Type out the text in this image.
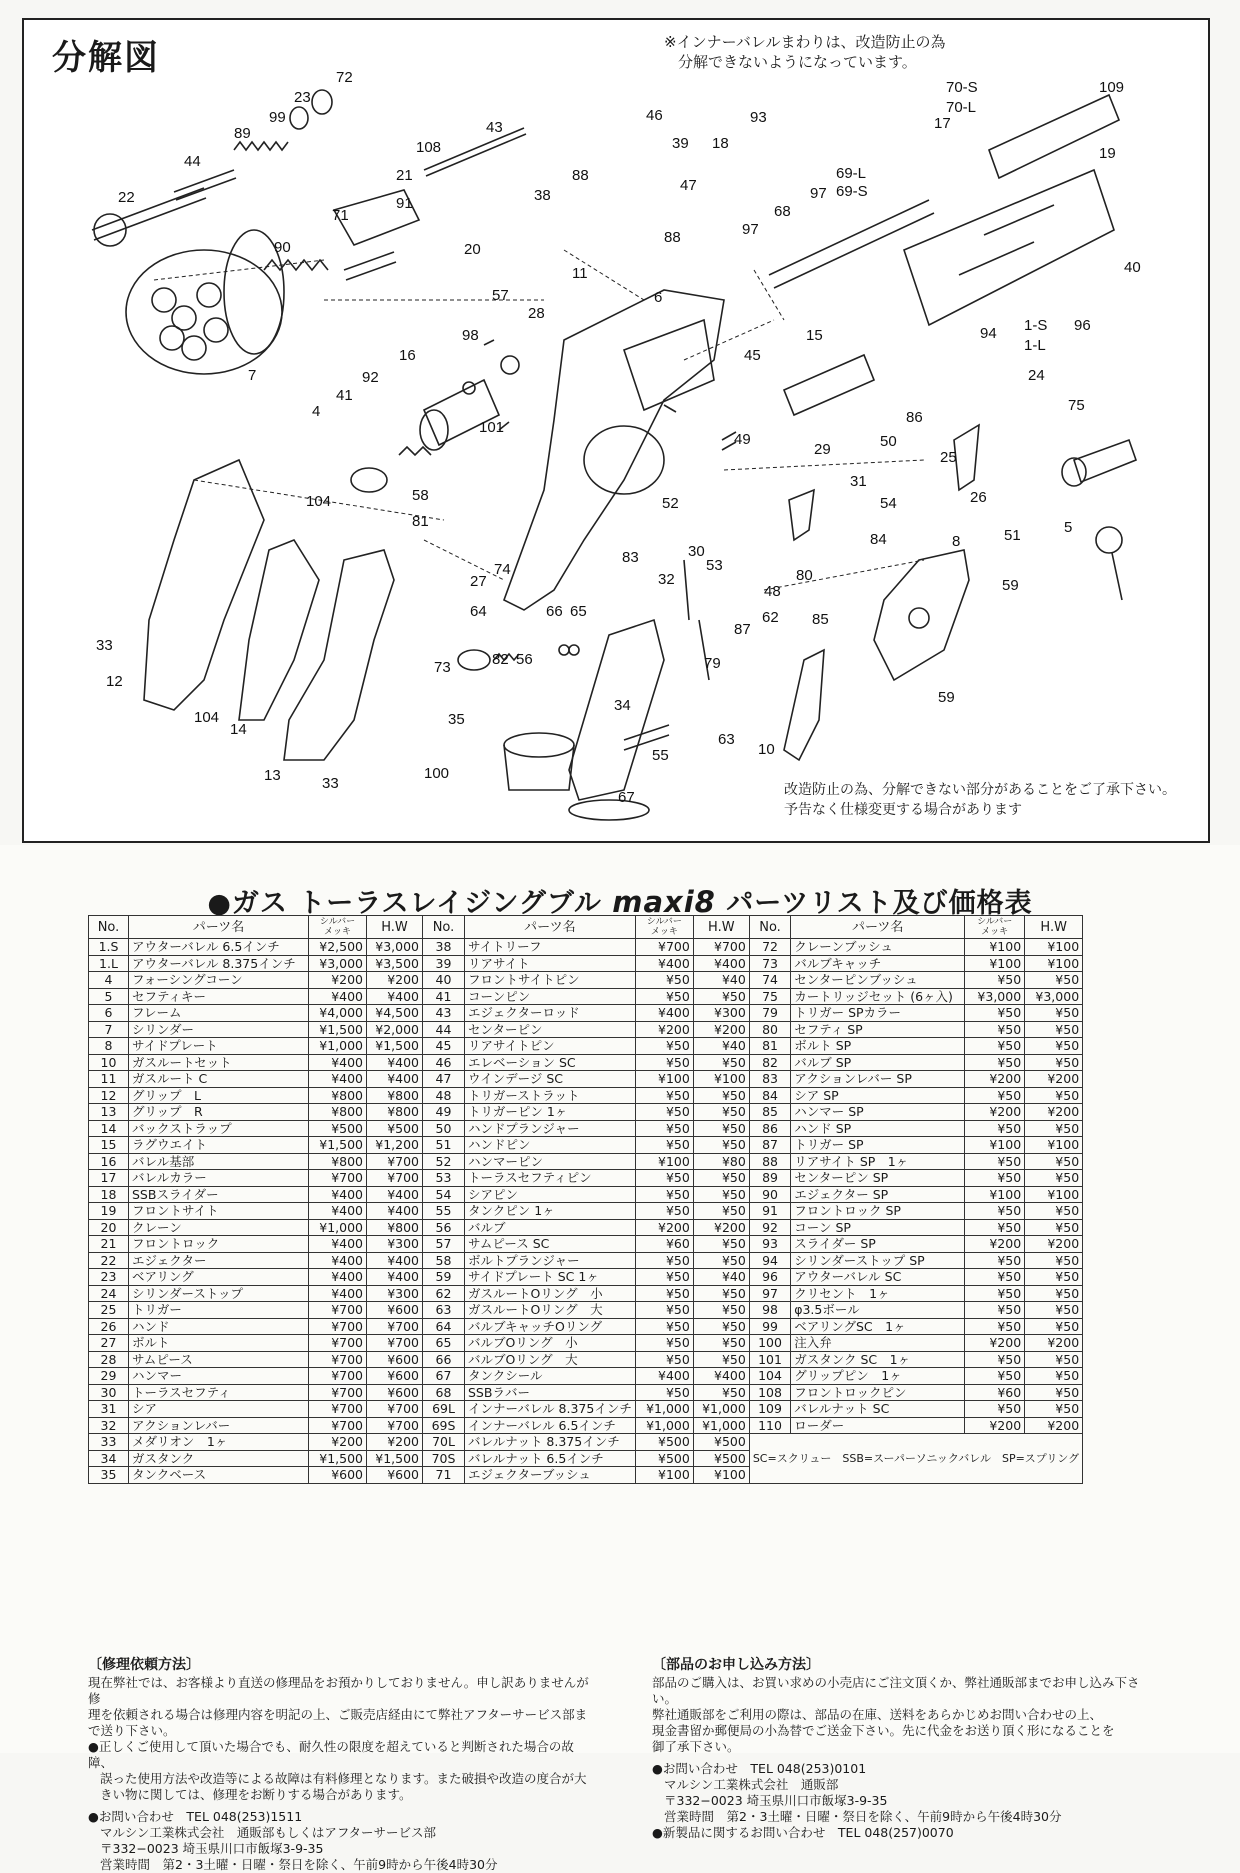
分解図	※インナーバレルまわりは、改造防止の為
分解できないようになっています。
72
109
70-S
70-L
23
99
89
108
43
46
39
93
18
17
19
44
21
91
88
47	97
69-L
69-S
22	38
88	97
68
40
71
20
90
11
6
1-S
1-L
96
57
28
98	94
24
15
16	45
92
41
101
4
7
86
75
50
29	25
26
49
51
104	58
31
54
81
52
84
5
27
74
83	30
53
32	80
8
48
33
64	66 65	62 85
59
87
12
73	82 56	79
104
34	59
14
35
63
10
13	33
100
55
67	改造防止の為、分解できない部分があることをご了承下さい。
予告なく仕様変更する場合があります
●ガス トーラスレイジングブル maxi8 パーツリスト及び価格表
No.	パーツ名	シルバー
メッキ	H.W	No.	パーツ名	シルバー
メッキ	H.W	No.	パーツ名	シルバー
メッキ	H.W
1.S	アウターバレル 6.5インチ	¥2,500	¥3,000	38	サイトリーフ	¥700	¥700	72	クレーンブッシュ	¥100	¥100
1.L	アウターバレル 8.375インチ	¥3,000	¥3,500	39	リアサイト	¥400	¥400	73	バルブキャッチ	¥100	¥100
4	フォーシングコーン	¥200	¥200	40	フロントサイトピン	¥50	¥40	74	センターピンブッシュ	¥50	¥50
5	セフティキー	¥400	¥400	41	コーンピン	¥50	¥50	75	カートリッジセット (6ヶ入)	¥3,000	¥3,000
6	フレーム	¥4,000	¥4,500	43	エジェクターロッド	¥400	¥300	79	トリガー SPカラー	¥50	¥50
7	シリンダー	¥1,500	¥2,000	44	センターピン	¥200	¥200	80	セフティ SP	¥50	¥50
8	サイドプレート	¥1,000	¥1,500	45	リアサイトピン	¥50	¥40	81	ボルト SP	¥50	¥50
10	ガスルートセット	¥400	¥400	46	エレベーション SC	¥50	¥50	82	バルブ SP	¥50	¥50
11	ガスルート C	¥400	¥400	47	ウインデージ SC	¥100	¥100	83	アクションレバー SP	¥200	¥200
12	グリップ　L	¥800	¥800	48	トリガーストラット	¥50	¥50	84	シア SP	¥50	¥50
13	グリップ　R	¥800	¥800	49	トリガーピン 1ヶ	¥50	¥50	85	ハンマー SP	¥200	¥200
14	バックストラップ	¥500	¥500	50	ハンドプランジャー	¥50	¥50	86	ハンド SP	¥50	¥50
15	ラグウエイト	¥1,500	¥1,200	51	ハンドピン	¥50	¥50	87	トリガー SP	¥100	¥100
16	バレル基部	¥800	¥700	52	ハンマーピン	¥100	¥80	88	リアサイト SP　1ヶ	¥50	¥50
17	バレルカラー	¥700	¥700	53	トーラスセフティピン	¥50	¥50	89	センターピン SP	¥50	¥50
18	SSBスライダー	¥400	¥400	54	シアピン	¥50	¥50	90	エジェクター SP	¥100	¥100
19	フロントサイト	¥400	¥400	55	タンクピン 1ヶ	¥50	¥50	91	フロントロック SP	¥50	¥50
20	クレーン	¥1,000	¥800	56	バルブ	¥200	¥200	92	コーン SP	¥50	¥50
21	フロントロック	¥400	¥300	57	サムピース SC	¥60	¥50	93	スライダー SP	¥200	¥200
22	エジェクター	¥400	¥400	58	ボルトプランジャー	¥50	¥50	94	シリンダーストップ SP	¥50	¥50
23	ベアリング	¥400	¥400	59	サイドプレート SC 1ヶ	¥50	¥40	96	アウターバレル SC	¥50	¥50
24	シリンダーストップ	¥400	¥300	62	ガスルートOリング　小	¥50	¥50	97	クリセント　1ヶ	¥50	¥50
25	トリガー	¥700	¥600	63	ガスルートOリング　大	¥50	¥50	98	φ3.5ボール	¥50	¥50
26	ハンド	¥700	¥700	64	バルブキャッチOリング	¥50	¥50	99	ベアリングSC　1ヶ	¥50	¥50
27	ボルト	¥700	¥700	65	バルブOリング　小	¥50	¥50	100	注入弁	¥200	¥200
28	サムピース	¥700	¥600	66	バルブOリング　大	¥50	¥50	101	ガスタンク SC　1ヶ	¥50	¥50
29	ハンマー	¥700	¥600	67	タンクシール	¥400	¥400	104	グリップピン　1ヶ	¥50	¥50
30	トーラスセフティ	¥700	¥600	68	SSBラバー	¥50	¥50	108	フロントロックピン	¥60	¥50
31	シア	¥700	¥700	69L	インナーバレル 8.375インチ	¥1,000	¥1,000	109	バレルナット SC	¥50	¥50
32	アクションレバー	¥700	¥700	69S	インナーバレル 6.5インチ	¥1,000	¥1,000	110	ローダー	¥200	¥200
33	メダリオン　1ヶ	¥200	¥200	70L	バレルナット 8.375インチ	¥500	¥500	SC=スクリュー　SSB=スーパーソニックバレル　SP=スプリング			
34	ガスタンク	¥1,500	¥1,500	70S	バレルナット 6.5インチ	¥500	¥500				
35	タンクベース	¥600	¥600	71	エジェクターブッシュ	¥100	¥100				
〔修理依頼方法〕

現在弊社では、お客様より直送の修理品をお預かりしておりません。申し訳ありませんが修

理を依頼される場合は修理内容を明記の上、ご販売店経由にて弊社アフターサービス部ま

で送り下さい。

●正しくご使用して頂いた場合でも、耐久性の限度を超えていると判断された場合の故障、

誤った使用方法や改造等による故障は有料修理となります。また破損や改造の度合が大

きい物に関しては、修理をお断りする場合があります。

●お問い合わせ　TEL 048(253)1511

マルシン工業株式会社　通販部もしくはアフターサービス部

〒332−0023 埼玉県川口市飯塚3-9-35

営業時間　第2・3土曜・日曜・祭日を除く、午前9時から午後4時30分

〔部品のお申し込み方法〕

部品のご購入は、お買い求めの小売店にご注文頂くか、弊社通販部までお申し込み下さい。

弊社通販部をご利用の際は、部品の在庫、送料をあらかじめお問い合わせの上、

現金書留か郵便局の小為替でご送金下さい。先に代金をお送り頂く形になることを

御了承下さい。

●お問い合わせ　TEL 048(253)0101

マルシン工業株式会社　通販部

〒332−0023 埼玉県川口市飯塚3-9-35

営業時間　第2・3土曜・日曜・祭日を除く、午前9時から午後4時30分

●新製品に関するお問い合わせ　TEL 048(257)0070
